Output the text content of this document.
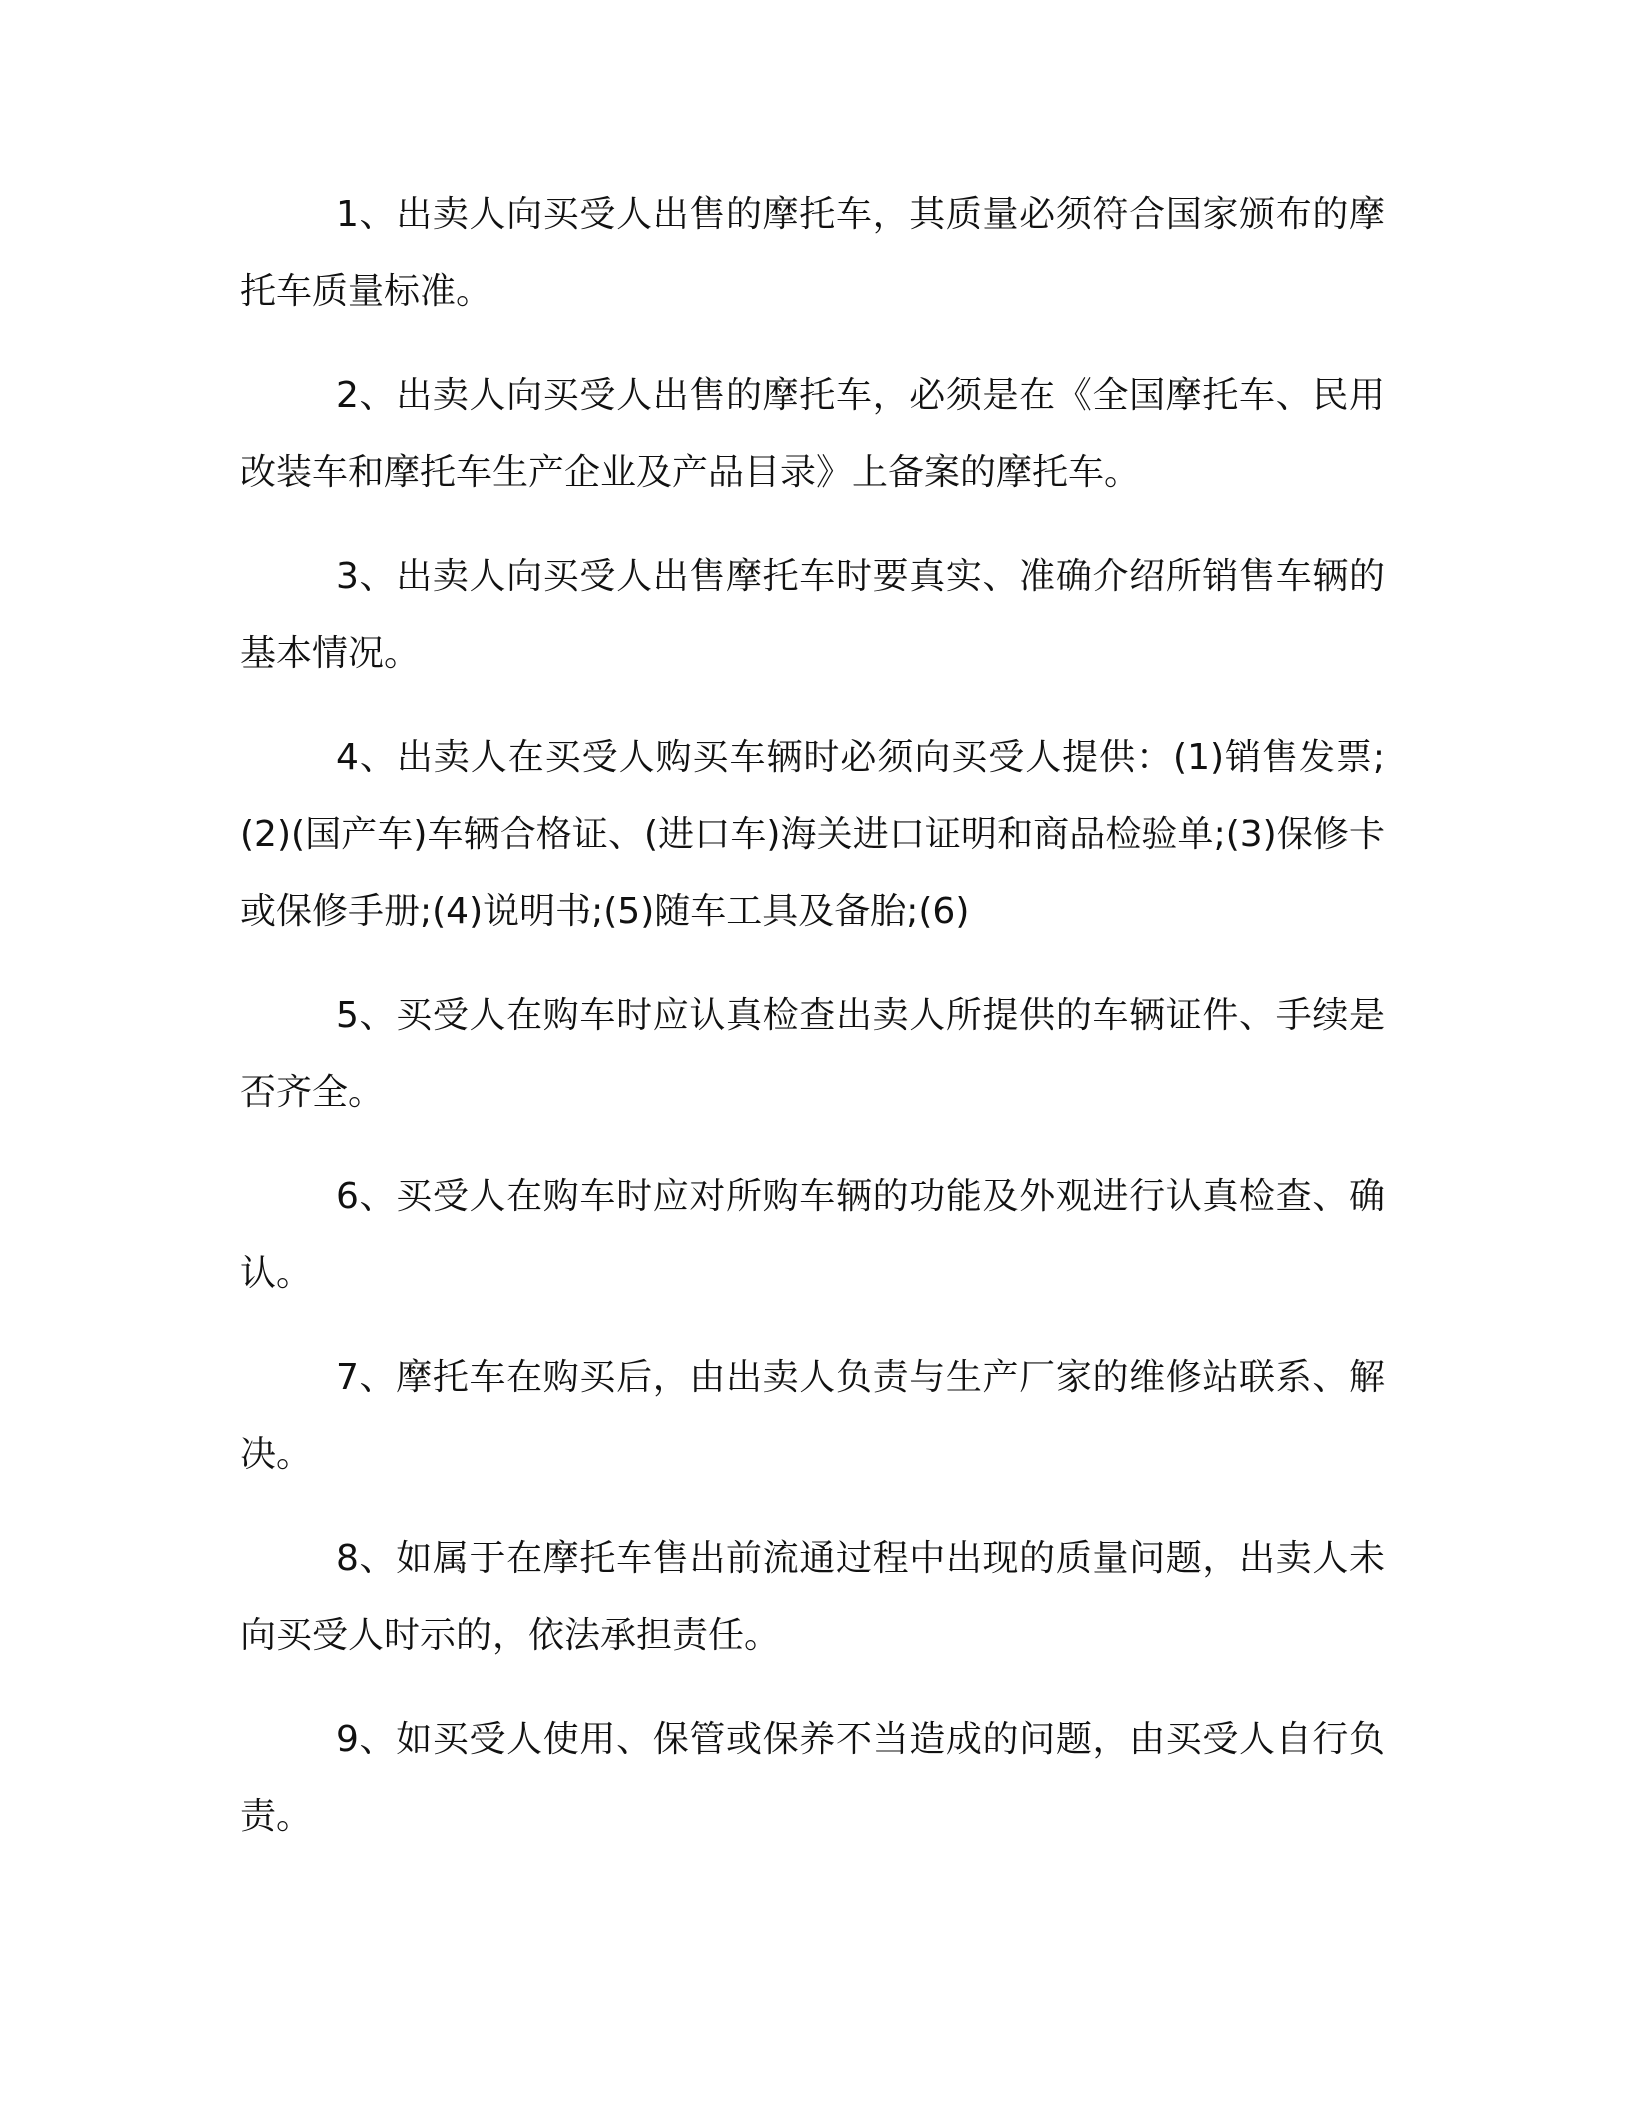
1、出卖人向买受人出售的摩托车，其质量必须符合国家颁布的摩托车质量标准。

2、出卖人向买受人出售的摩托车，必须是在《全国摩托车、民用改装车和摩托车生产企业及产品目录》上备案的摩托车。

3、出卖人向买受人出售摩托车时要真实、准确介绍所销售车辆的基本情况。

4、出卖人在买受人购买车辆时必须向买受人提供：(1)销售发票;(2)(国产车)车辆合格证、(进口车)海关进口证明和商品检验单;(3)保修卡或保修手册;(4)说明书;(5)随车工具及备胎;(6)

5、买受人在购车时应认真检查出卖人所提供的车辆证件、手续是否齐全。

6、买受人在购车时应对所购车辆的功能及外观进行认真检查、确认。

7、摩托车在购买后，由出卖人负责与生产厂家的维修站联系、解决。

8、如属于在摩托车售出前流通过程中出现的质量问题，出卖人未向买受人时示的，依法承担责任。

9、如买受人使用、保管或保养不当造成的问题，由买受人自行负责。
